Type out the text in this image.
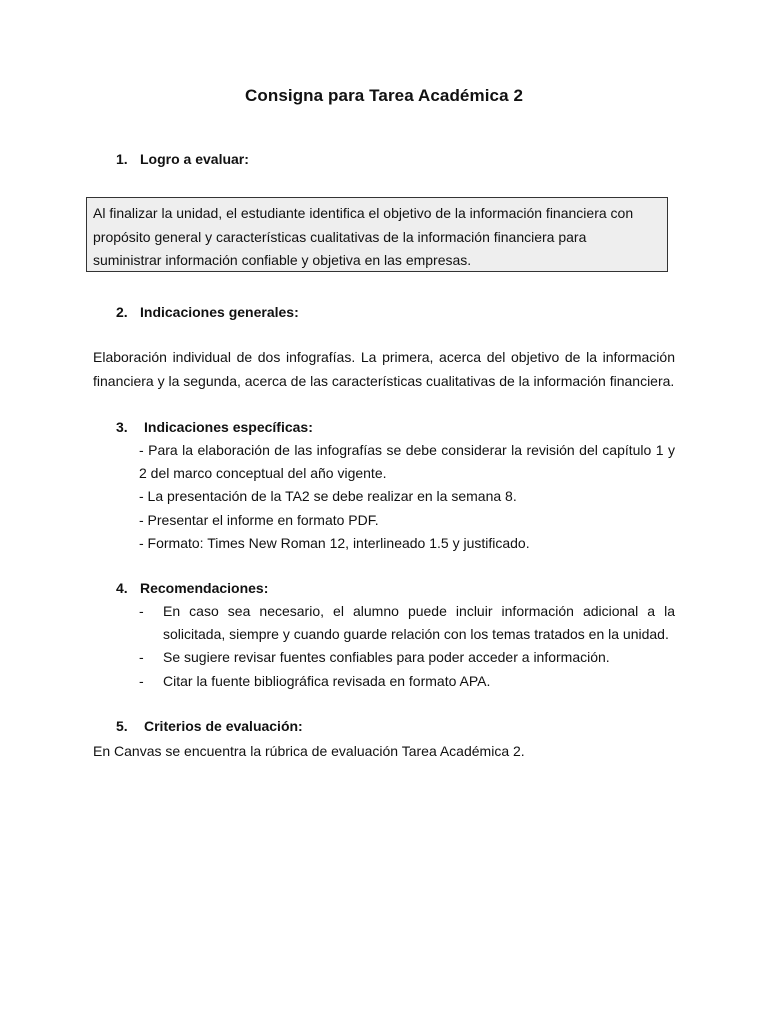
Consigna para Tarea Académica 2
1. Logro a evaluar:
Al finalizar la unidad, el estudiante identifica el objetivo de la información financiera con
propósito general y características cualitativas de la información financiera para
suministrar información confiable y objetiva en las empresas.
2. Indicaciones generales:
Elaboración individual de dos infografías. La primera, acerca del objetivo de la información financiera y la segunda, acerca de las características cualitativas de la información financiera.
3.	Indicaciones específicas:
- Para la elaboración de las infografías se debe considerar la revisión del capítulo 1 y 2 del marco conceptual del año vigente.
- La presentación de la TA2 se debe realizar en la semana 8.
- Presentar el informe en formato PDF.
- Formato: Times New Roman 12, interlineado 1.5 y justificado.
4. Recomendaciones:
-	En caso sea necesario, el alumno puede incluir información adicional a la solicitada, siempre y cuando guarde relación con los temas tratados en la unidad.
-	Se sugiere revisar fuentes confiables para poder acceder a información.
-	Citar la fuente bibliográfica revisada en formato APA.
5.	Criterios de evaluación:
En Canvas se encuentra la rúbrica de evaluación Tarea Académica 2.
